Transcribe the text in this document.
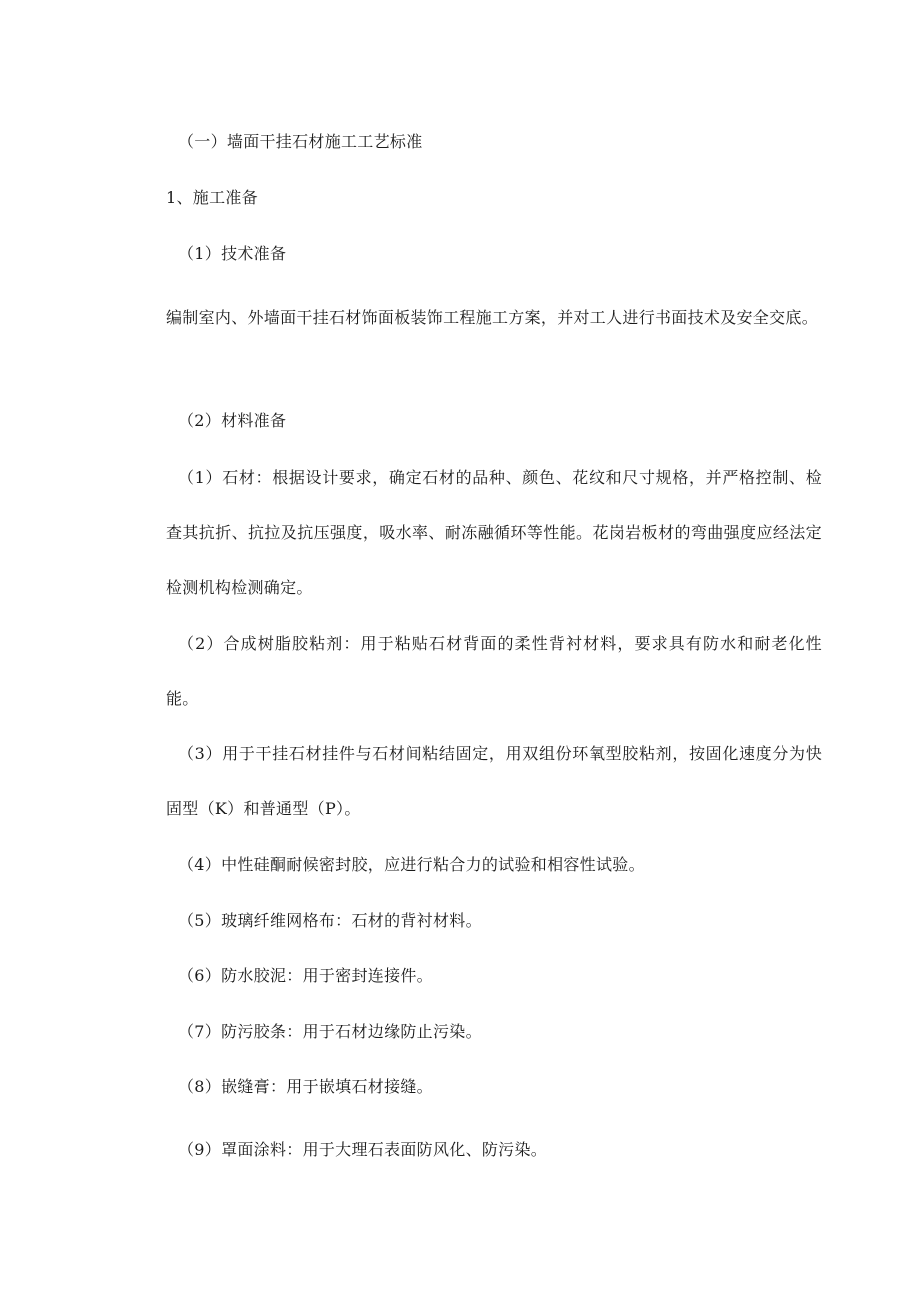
（一）墙面干挂石材施工工艺标准
1、施工准备
（1）技术准备
编制室内、外墙面干挂石材饰面板装饰工程施工方案，并对工人进行书面技术及安全交底。
（2）材料准备
（1）石材：根据设计要求，确定石材的品种、颜色、花纹和尺寸规格，并严格控制、检查其抗折、抗拉及抗压强度，吸水率、耐冻融循环等性能。花岗岩板材的弯曲强度应经法定检测机构检测确定。
（2）合成树脂胶粘剂：用于粘贴石材背面的柔性背衬材料，要求具有防水和耐老化性能。
（3）用于干挂石材挂件与石材间粘结固定，用双组份环氧型胶粘剂，按固化速度分为快固型（K）和普通型（P）。
（4）中性硅酮耐候密封胶，应进行粘合力的试验和相容性试验。
（5）玻璃纤维网格布：石材的背衬材料。
（6）防水胶泥：用于密封连接件。
（7）防污胶条：用于石材边缘防止污染。
（8）嵌缝膏：用于嵌填石材接缝。
（9）罩面涂料：用于大理石表面防风化、防污染。
